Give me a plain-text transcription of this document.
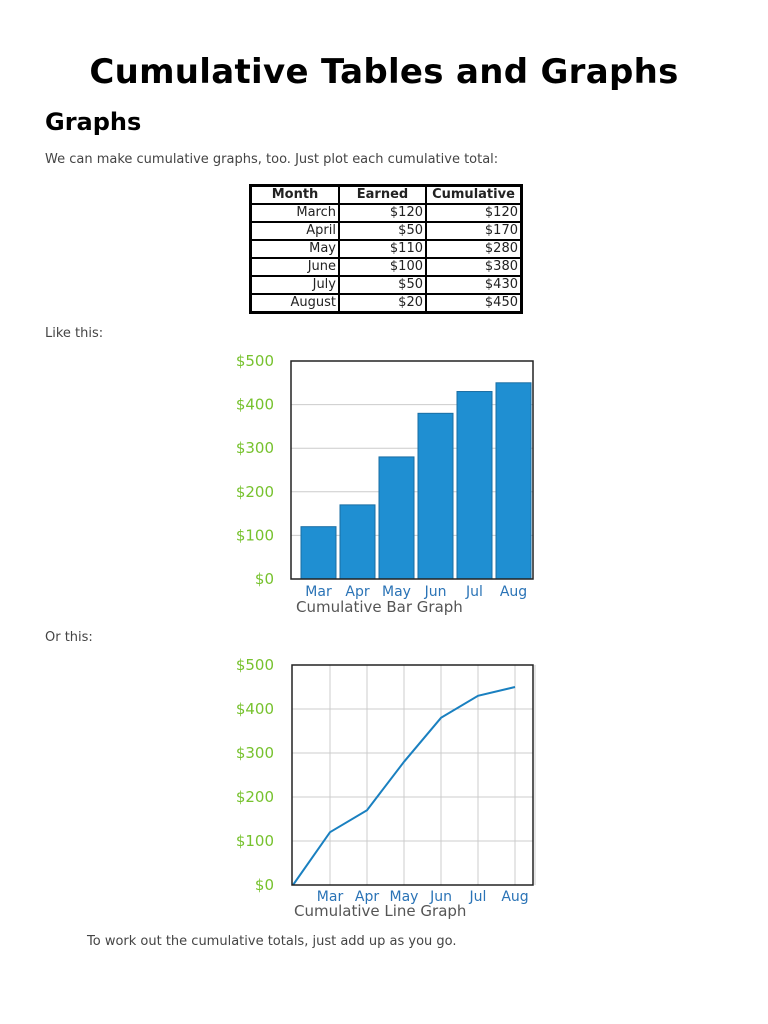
Cumulative Tables and Graphs
Graphs

We can make cumulative graphs, too. Just plot each cumulative total:

Month	Earned	Cumulative
March	$120	$120
April	$50	$170
May	$110	$280
June	$100	$380
July	$50	$430
August	$20	$450

Like this:

$0
$100
$200
$300
$400
$500
Mar Apr May Jun Jul Aug
Cumulative Bar Graph

Or this:

$0
$100
$200
$300
$400
$500
Mar Apr May Jun Jul Aug
Cumulative Line Graph

To work out the cumulative totals, just add up as you go.
